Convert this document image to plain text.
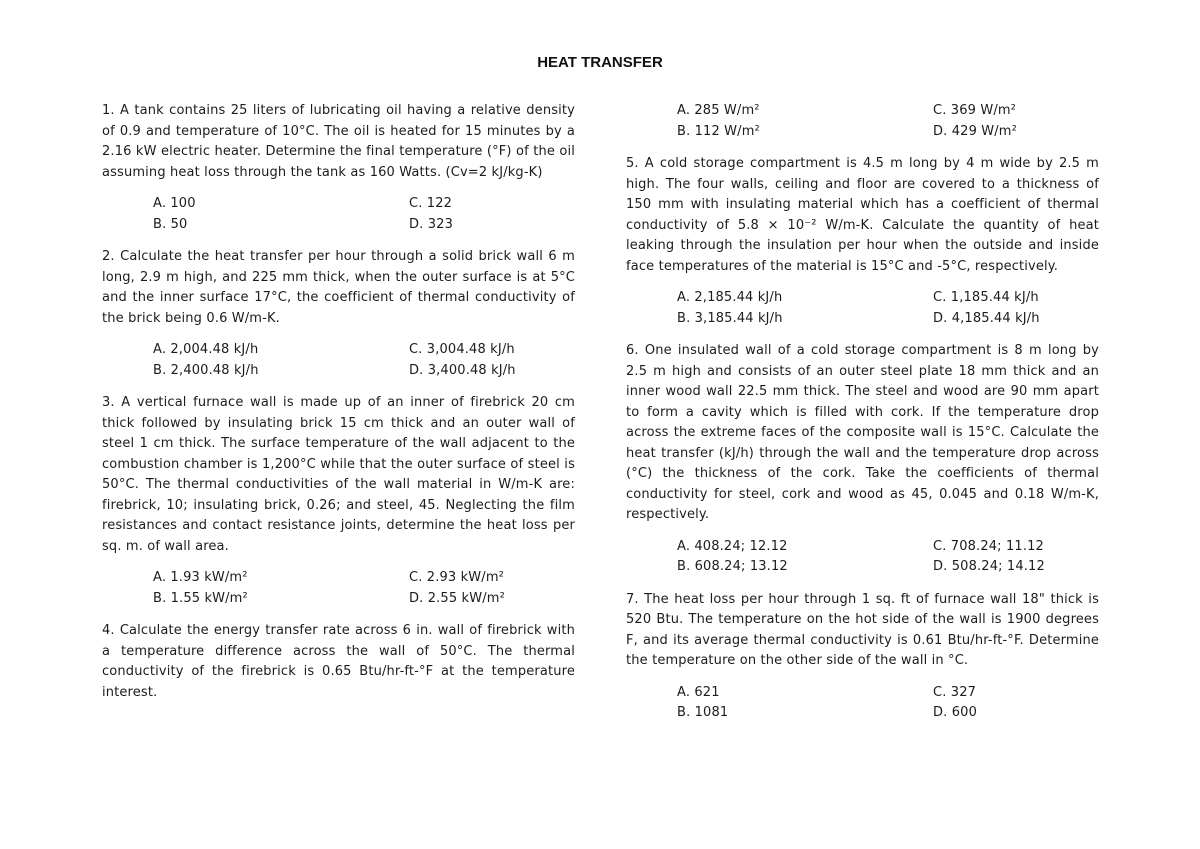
HEAT TRANSFER

1. A tank contains 25 liters of lubricating oil having a relative density of 0.9 and temperature of 10°C. The oil is heated for 15 minutes by a 2.16 kW electric heater. Determine the final temperature (°F) of the oil assuming heat loss through the tank as 160 Watts. (Cv=2 kJ/kg-K)

A. 100	C. 122
B. 50	D. 323

2. Calculate the heat transfer per hour through a solid brick wall 6 m long, 2.9 m high, and 225 mm thick, when the outer surface is at 5°C and the inner surface 17°C, the coefficient of thermal conductivity of the brick being 0.6 W/m-K.

A. 2,004.48 kJ/h	C. 3,004.48 kJ/h
B. 2,400.48 kJ/h	D. 3,400.48 kJ/h

3. A vertical furnace wall is made up of an inner of firebrick 20 cm thick followed by insulating brick 15 cm thick and an outer wall of steel 1 cm thick. The surface temperature of the wall adjacent to the combustion chamber is 1,200°C while that the outer surface of steel is 50°C. The thermal conductivities of the wall material in W/m-K are: firebrick, 10; insulating brick, 0.26; and steel, 45. Neglecting the film resistances and contact resistance joints, determine the heat loss per sq. m. of wall area.

A. 1.93 kW/m²	C. 2.93 kW/m²
B. 1.55 kW/m²	D. 2.55 kW/m²

4. Calculate the energy transfer rate across 6 in. wall of firebrick with a temperature difference across the wall of 50°C. The thermal conductivity of the firebrick is 0.65 Btu/hr-ft-°F at the temperature interest.

A. 285 W/m²	C. 369 W/m²
B. 112 W/m²	D. 429 W/m²

5. A cold storage compartment is 4.5 m long by 4 m wide by 2.5 m high. The four walls, ceiling and floor are covered to a thickness of 150 mm with insulating material which has a coefficient of thermal conductivity of 5.8 × 10⁻² W/m-K. Calculate the quantity of heat leaking through the insulation per hour when the outside and inside face temperatures of the material is 15°C and -5°C, respectively.

A. 2,185.44 kJ/h	C. 1,185.44 kJ/h
B. 3,185.44 kJ/h	D. 4,185.44 kJ/h

6. One insulated wall of a cold storage compartment is 8 m long by 2.5 m high and consists of an outer steel plate 18 mm thick and an inner wood wall 22.5 mm thick. The steel and wood are 90 mm apart to form a cavity which is filled with cork. If the temperature drop across the extreme faces of the composite wall is 15°C. Calculate the heat transfer (kJ/h) through the wall and the temperature drop across (°C) the thickness of the cork. Take the coefficients of thermal conductivity for steel, cork and wood as 45, 0.045 and 0.18 W/m-K, respectively.

A. 408.24; 12.12	C. 708.24; 11.12
B. 608.24; 13.12	D. 508.24; 14.12

7. The heat loss per hour through 1 sq. ft of furnace wall 18" thick is 520 Btu. The temperature on the hot side of the wall is 1900 degrees F, and its average thermal conductivity is 0.61 Btu/hr-ft-°F. Determine the temperature on the other side of the wall in °C.

A. 621	C. 327
B. 1081	D. 600
